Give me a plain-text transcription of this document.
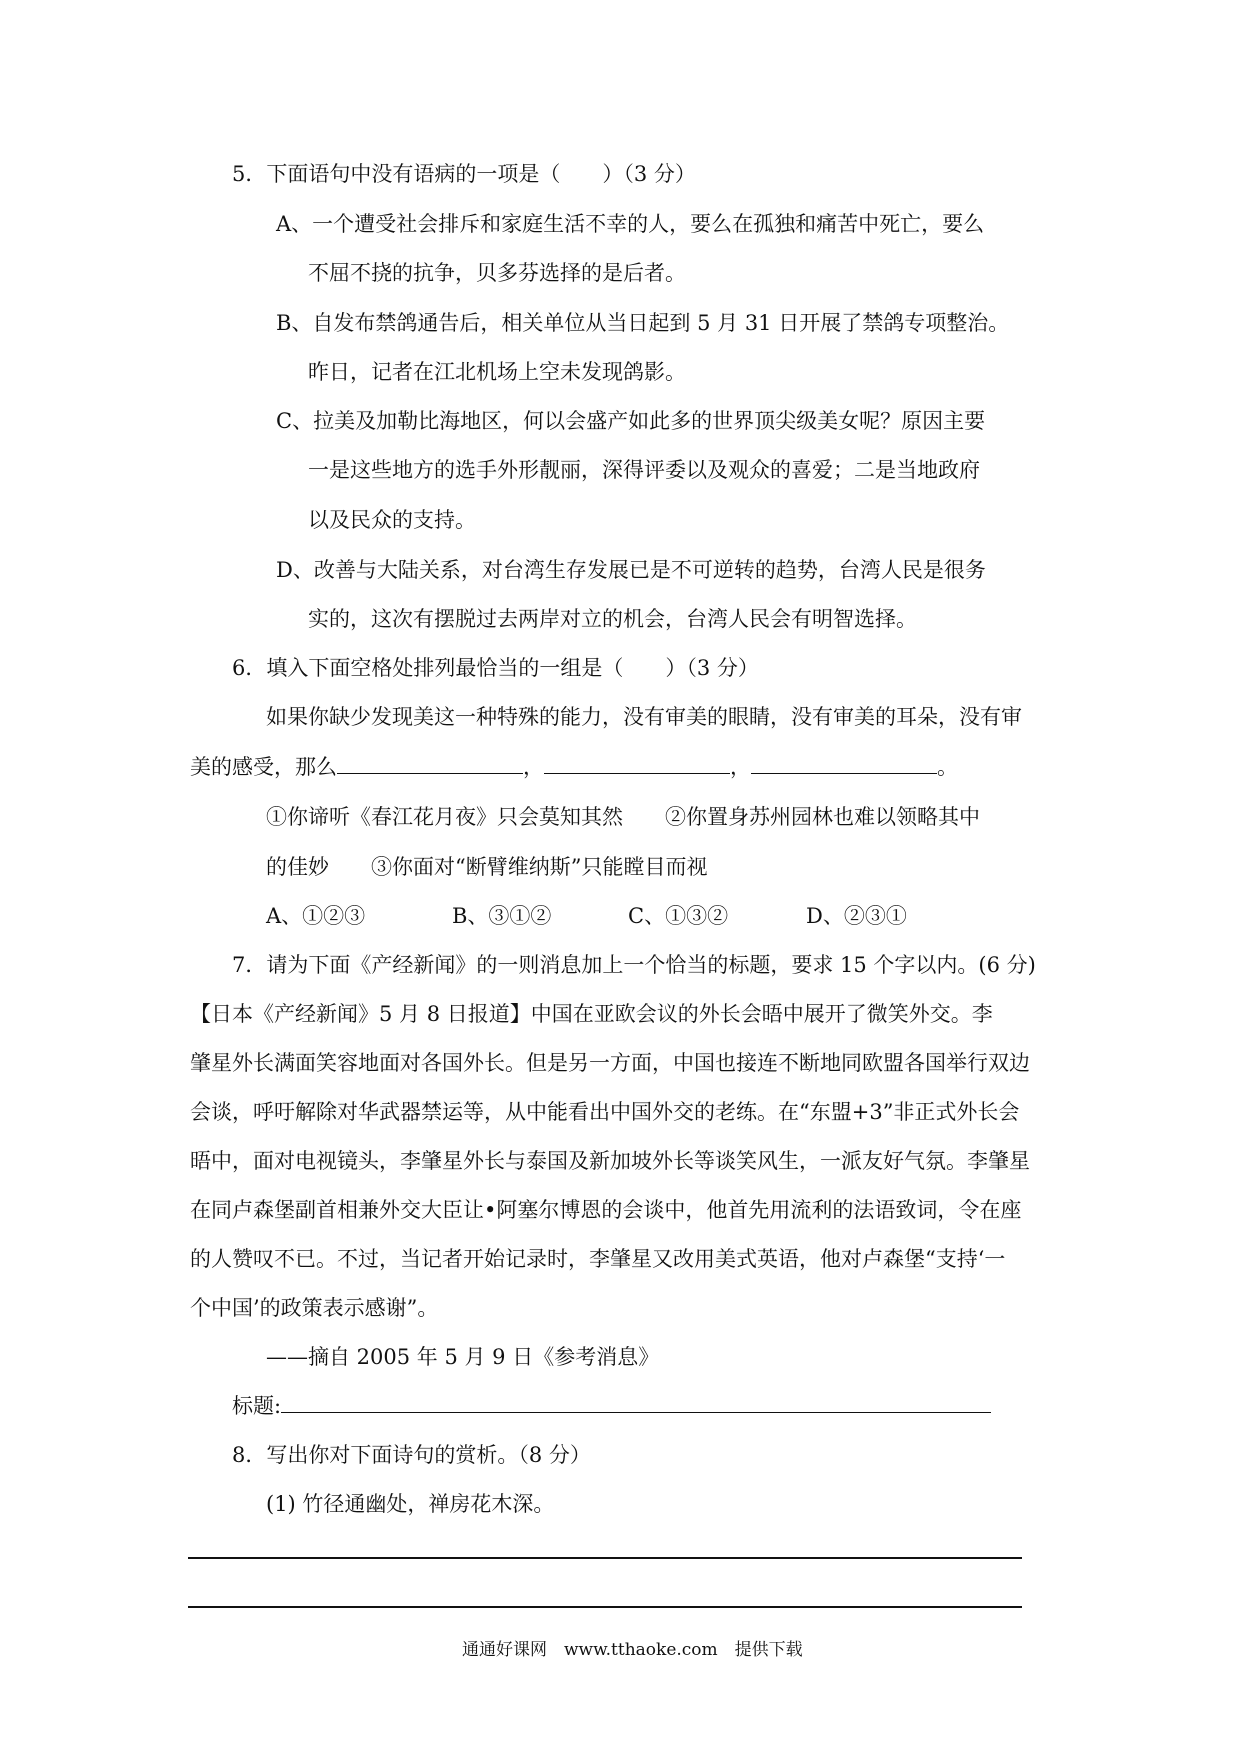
5．下面语句中没有语病的一项是（　　）（3 分）
A、一个遭受社会排斥和家庭生活不幸的人，要么在孤独和痛苦中死亡，要么
不屈不挠的抗争，贝多芬选择的是后者。
B、自发布禁鸽通告后，相关单位从当日起到 5 月 31 日开展了禁鸽专项整治。
昨日，记者在江北机场上空未发现鸽影。
C、拉美及加勒比海地区，何以会盛产如此多的世界顶尖级美女呢？原因主要
一是这些地方的选手外形靓丽，深得评委以及观众的喜爱；二是当地政府
以及民众的支持。
D、改善与大陆关系，对台湾生存发展已是不可逆转的趋势，台湾人民是很务
实的，这次有摆脱过去两岸对立的机会，台湾人民会有明智选择。
6．填入下面空格处排列最恰当的一组是（　　）（3 分）
如果你缺少发现美这一种特殊的能力，没有审美的眼睛，没有审美的耳朵，没有审
美的感受，那么	，	，	。
①你谛听《春江花月夜》只会莫知其然　　②你置身苏州园林也难以领略其中
的佳妙　　③你面对“断臂维纳斯”只能瞠目而视
A、①②③	B、③①②	C、①③②	D、②③①
7．请为下面《产经新闻》的一则消息加上一个恰当的标题，要求 15 个字以内。(6 分)
【日本《产经新闻》5 月 8 日报道】中国在亚欧会议的外长会晤中展开了微笑外交。李
肇星外长满面笑容地面对各国外长。但是另一方面，中国也接连不断地同欧盟各国举行双边
会谈，呼吁解除对华武器禁运等，从中能看出中国外交的老练。在“东盟+3”非正式外长会
晤中，面对电视镜头，李肇星外长与泰国及新加坡外长等谈笑风生，一派友好气氛。李肇星
在同卢森堡副首相兼外交大臣让•阿塞尔博恩的会谈中，他首先用流利的法语致词，令在座
的人赞叹不已。不过，当记者开始记录时，李肇星又改用美式英语，他对卢森堡“支持‘一
个中国’的政策表示感谢”。
——摘自 2005 年 5 月 9 日《参考消息》
标题:
8．写出你对下面诗句的赏析。（8 分）
(1) 竹径通幽处，禅房花木深。
通通好课网　www.tthaoke.com　提供下载
